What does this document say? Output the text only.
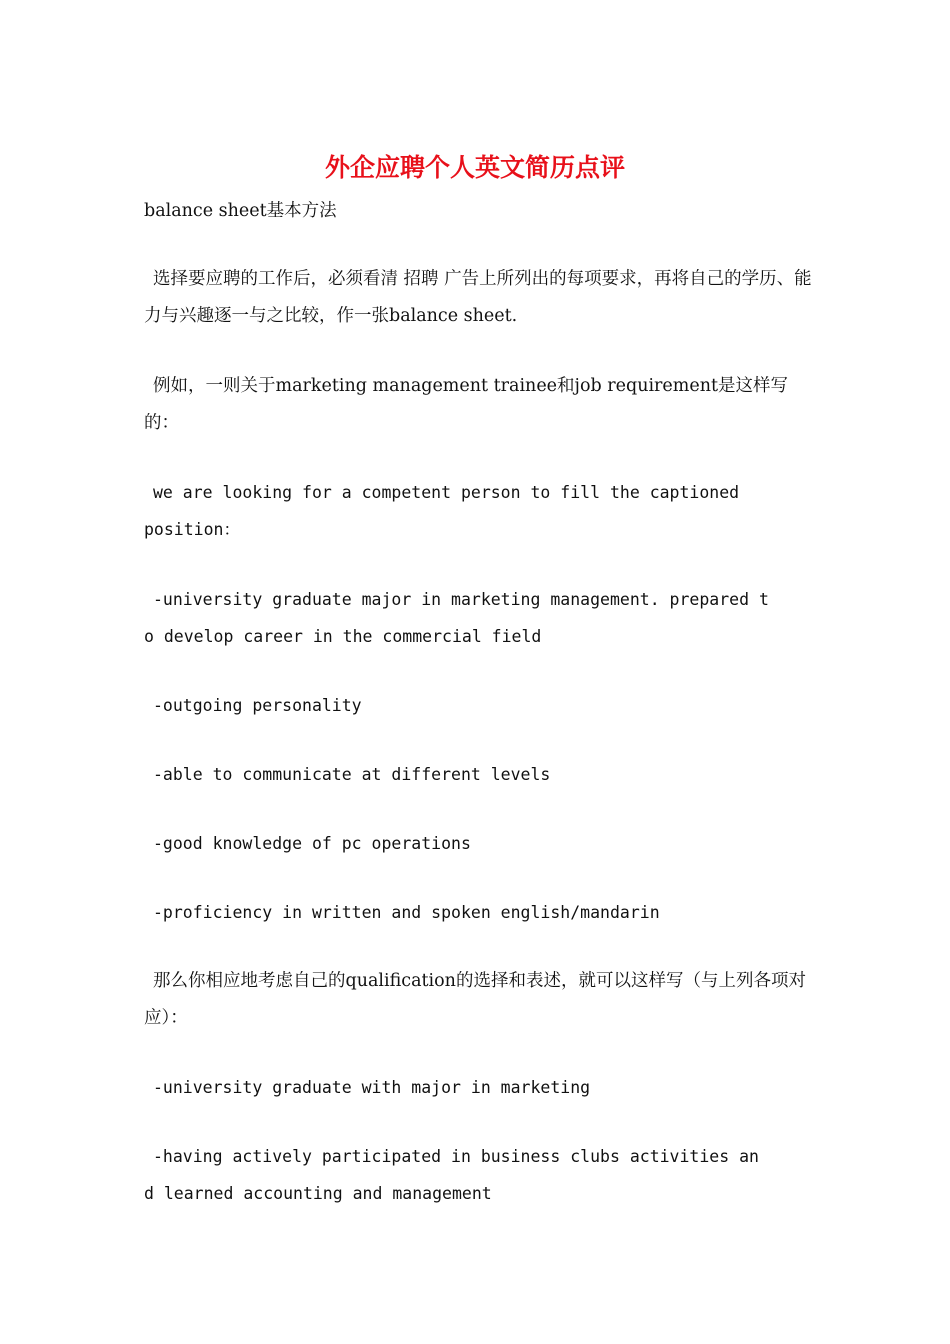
外企应聘个人英文简历点评

balance sheet基本方法

选择要应聘的工作后，必须看清 招聘 广告上所列出的每项要求，再将自己的学历、能力与兴趣逐一与之比较，作一张balance sheet.

例如，一则关于marketing management trainee和job requirement是这样写的：

we are looking for a competent person to fill the captioned position：

-university graduate major in marketing management. prepared to develop career in the commercial field

-outgoing personality

-able to communicate at different levels

-good knowledge of pc operations

-proficiency in written and spoken english/mandarin

那么你相应地考虑自己的qualification的选择和表述，就可以这样写（与上列各项对应）：

-university graduate with major in marketing

-having actively participated in business clubs activities and learned accounting and management
